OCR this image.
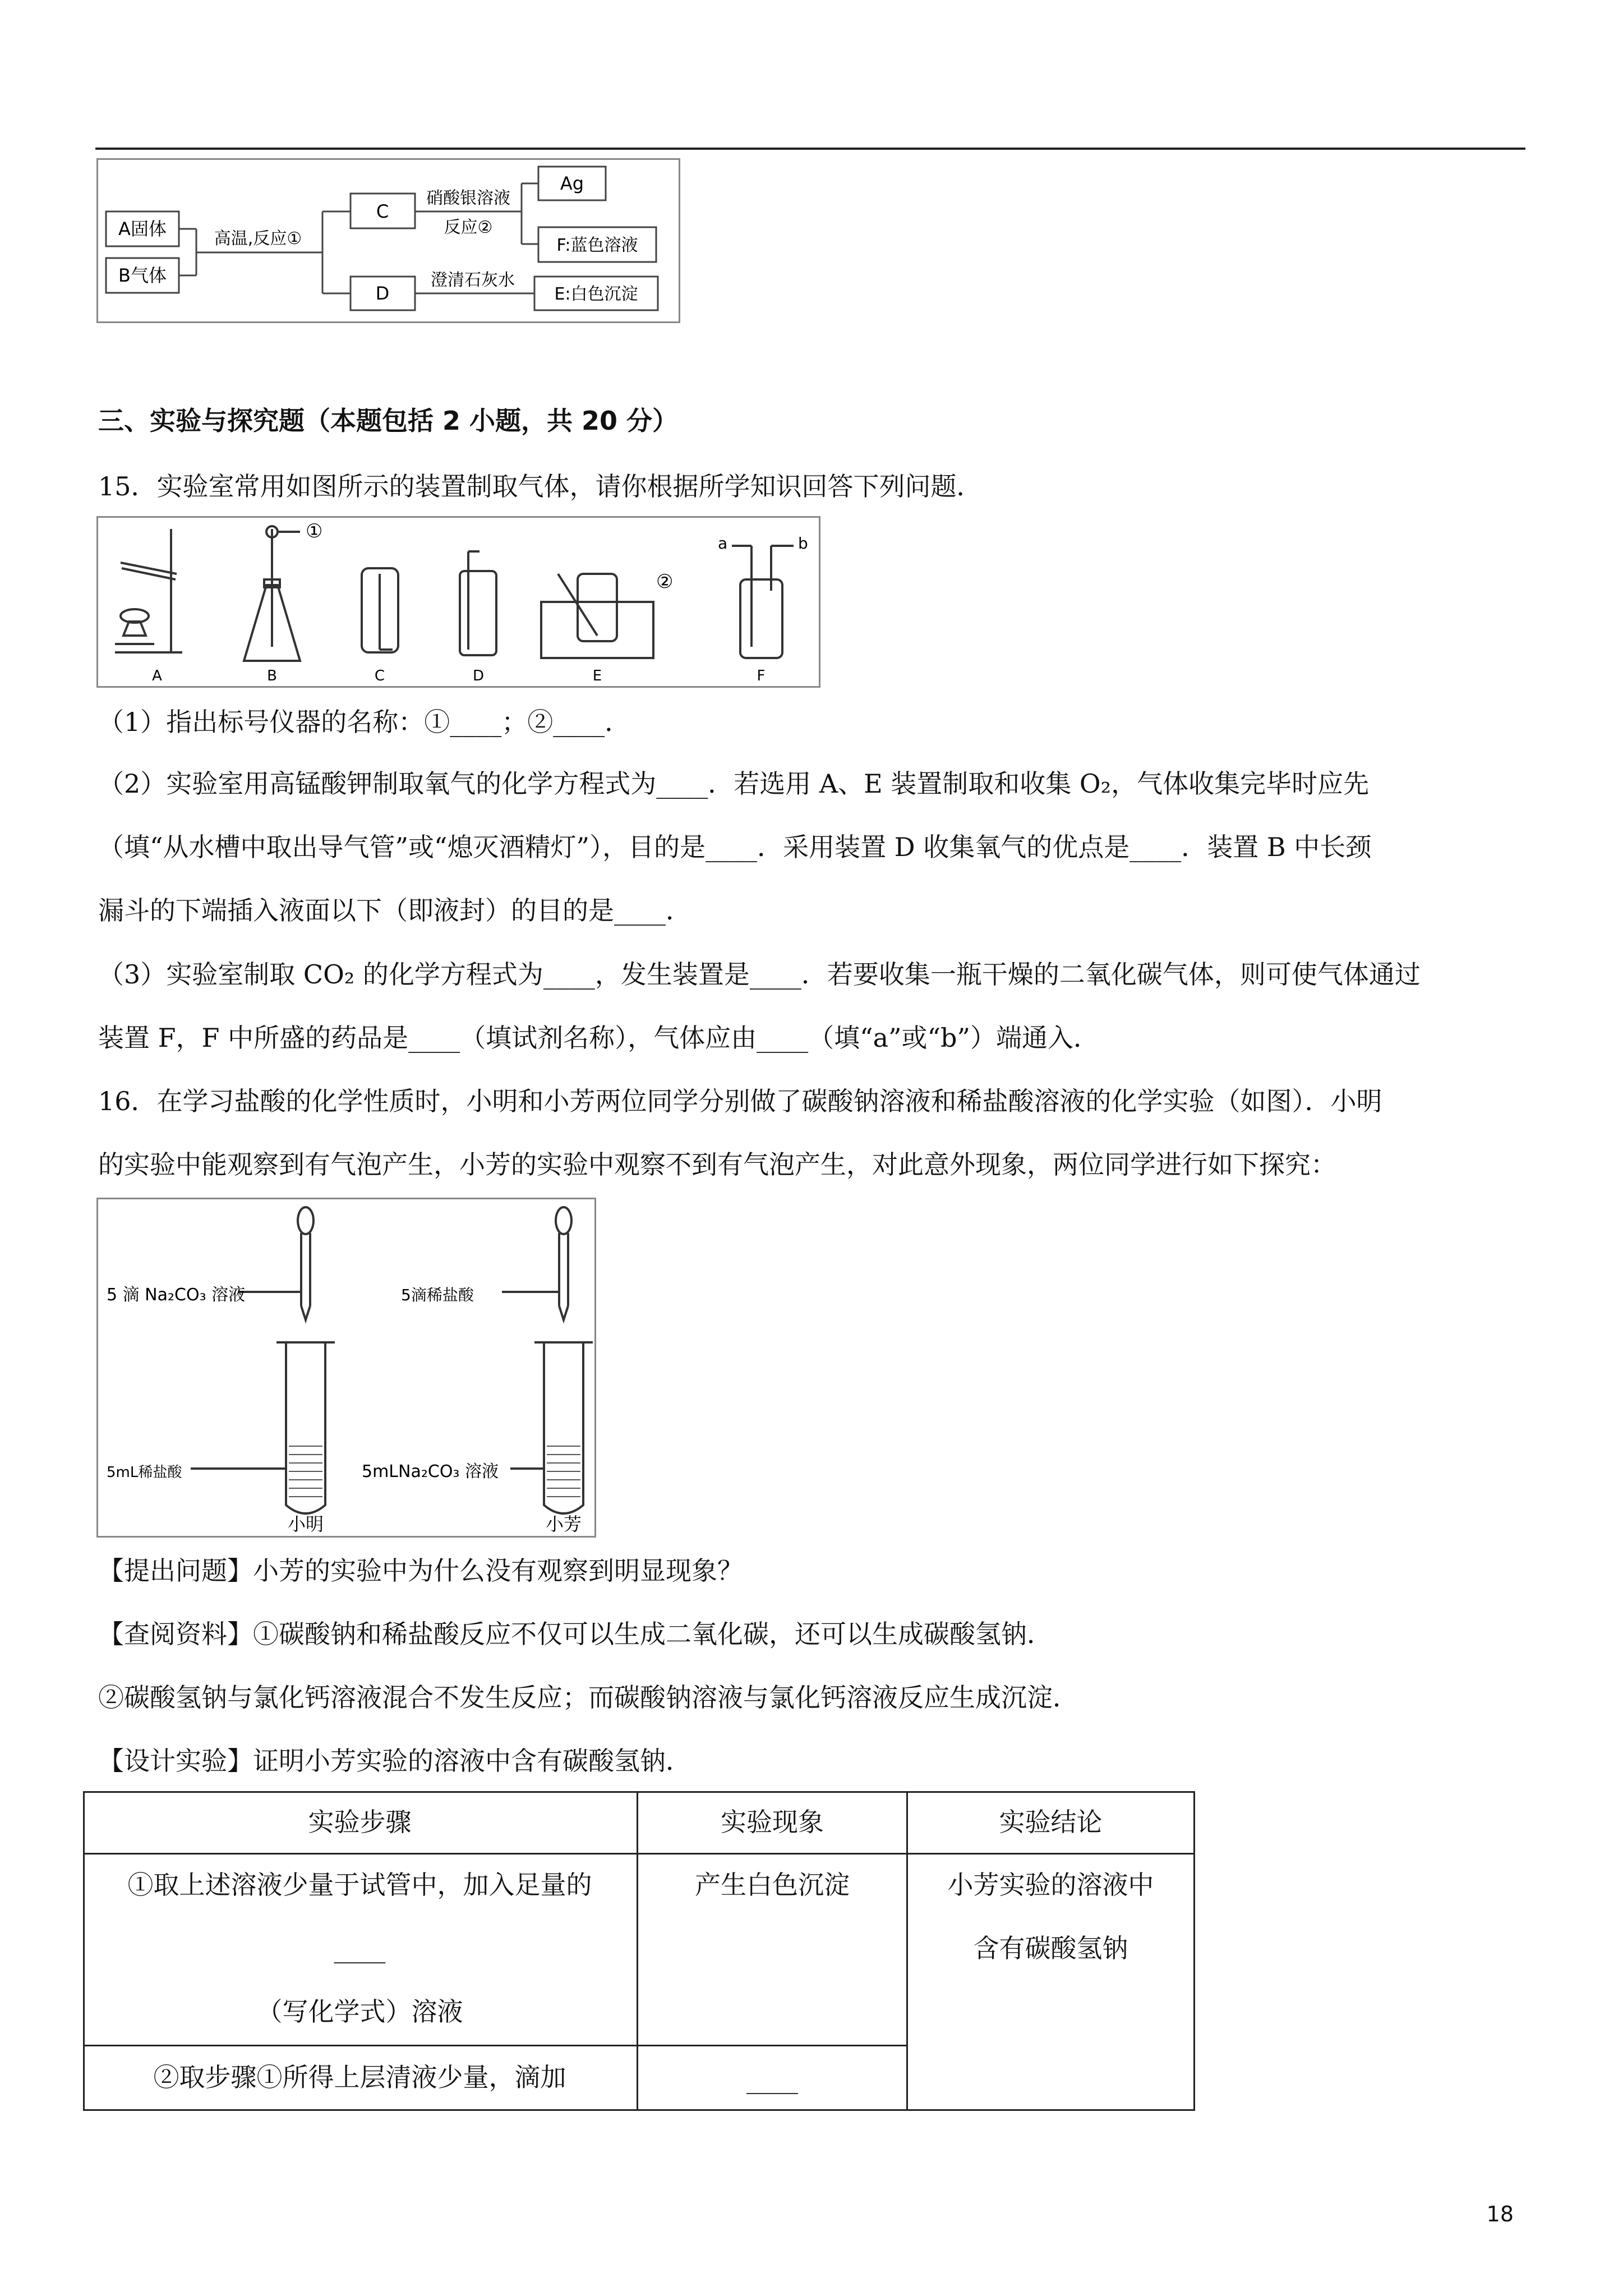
A固体
B气体
高温,反应①
C
D
硝酸银溶液
反应②
Ag
F:蓝色溶液
澄清石灰水
E:白色沉淀
三、实验与探究题（本题包括 2 小题，共 20 分）
15．实验室常用如图所示的装置制取气体，请你根据所学知识回答下列问题．
①
②
a	b
A	B	C	D	E	F
（1）指出标号仪器的名称：①____；②____．
（2）实验室用高锰酸钾制取氧气的化学方程式为____．若选用 A、E 装置制取和收集 O₂，气体收集完毕时应先
（填“从水槽中取出导气管”或“熄灭酒精灯”），目的是____．采用装置 D 收集氧气的优点是____．装置 B 中长颈
漏斗的下端插入液面以下（即液封）的目的是____．
（3）实验室制取 CO₂ 的化学方程式为____，发生装置是____．若要收集一瓶干燥的二氧化碳气体，则可使气体通过
装置 F，F 中所盛的药品是____（填试剂名称），气体应由____（填“a”或“b”）端通入．
16．在学习盐酸的化学性质时，小明和小芳两位同学分别做了碳酸钠溶液和稀盐酸溶液的化学实验（如图）．小明
的实验中能观察到有气泡产生，小芳的实验中观察不到有气泡产生，对此意外现象，两位同学进行如下探究：
5 滴 Na₂CO₃ 溶液
5mL稀盐酸
小明
5滴稀盐酸
5mLNa₂CO₃ 溶液
小芳
【提出问题】小芳的实验中为什么没有观察到明显现象？
【查阅资料】①碳酸钠和稀盐酸反应不仅可以生成二氧化碳，还可以生成碳酸氢钠．
②碳酸氢钠与氯化钙溶液混合不发生反应；而碳酸钠溶液与氯化钙溶液反应生成沉淀．
【设计实验】证明小芳实验的溶液中含有碳酸氢钠．
实验步骤	实验现象	实验结论
①取上述溶液少量于试管中，加入足量的
____
（写化学式）溶液
产生白色沉淀	小芳实验的溶液中
含有碳酸氢钠
②取步骤①所得上层清液少量，滴加	____
18
